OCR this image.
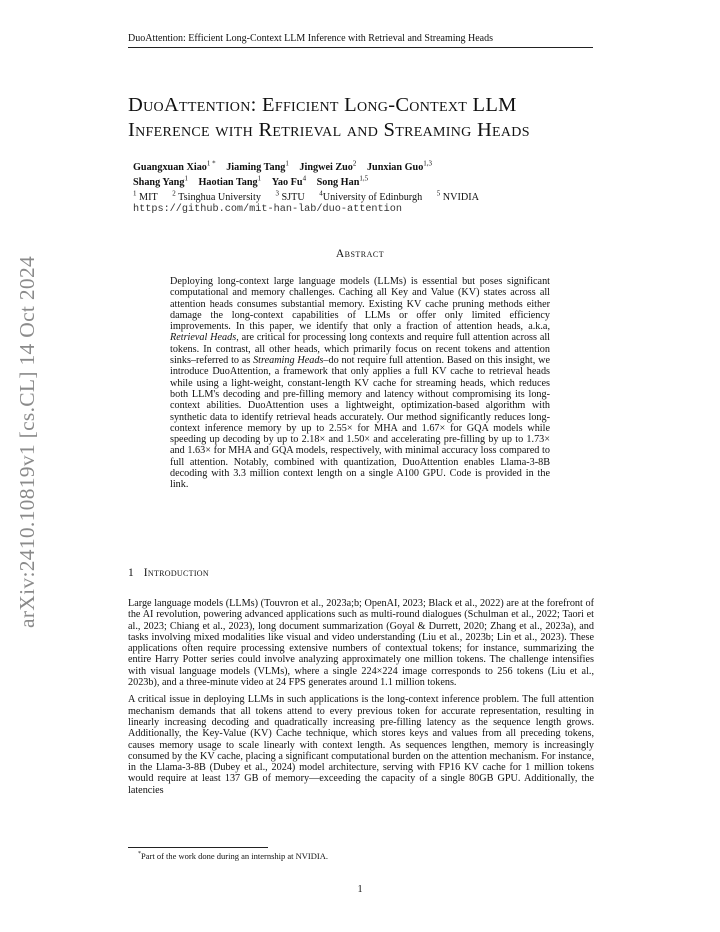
DuoAttention: Efficient Long-Context LLM Inference with Retrieval and Streaming Heads
arXiv:2410.10819v1 [cs.CL] 14 Oct 2024
DuoAttention: Efficient Long-Context LLM
Inference with Retrieval and Streaming Heads
Guangxuan Xiao$^{1 *}$ Jiaming Tang$^1$ Jingwei Zuo$^2$ Junxian Guo$^{1,3}$
Shang Yang$^1$ Haotian Tang$^1$ Yao Fu$^4$ Song Han$^{1,5}$
$^1$ MIT $^2$ Tsinghua University $^3$ SJTU $^4$University of Edinburgh $^5$ NVIDIA
https://github.com/mit-han-lab/duo-attention
Abstract
Deploying long-context large language models (LLMs) is essential but poses significant computational and memory challenges. Caching all Key and Value (KV) states across all attention heads consumes substantial memory. Existing KV cache pruning methods either damage the long-context capabilities of LLMs or offer only limited efficiency improvements. In this paper, we identify that only a fraction of attention heads, a.k.a, Retrieval Heads, are critical for processing long contexts and require full attention across all tokens. In contrast, all other heads, which primarily focus on recent tokens and attention sinks–referred to as Streaming Heads–do not require full attention. Based on this insight, we introduce DuoAttention, a framework that only applies a full KV cache to retrieval heads while using a light-weight, constant-length KV cache for streaming heads, which reduces both LLM's decoding and pre-filling memory and latency without compromising its long-context abilities. DuoAttention uses a lightweight, optimization-based algorithm with synthetic data to identify retrieval heads accurately. Our method significantly reduces long-context inference memory by up to 2.55× for MHA and 1.67× for GQA models while speeding up decoding by up to 2.18× and 1.50× and accelerating pre-filling by up to 1.73× and 1.63× for MHA and GQA models, respectively, with minimal accuracy loss compared to full attention. Notably, combined with quantization, DuoAttention enables Llama-3-8B decoding with 3.3 million context length on a single A100 GPU. Code is provided in the link.
1 Introduction

Large language models (LLMs) (Touvron et al., 2023a;b; OpenAI, 2023; Black et al., 2022) are at the forefront of the AI revolution, powering advanced applications such as multi-round dialogues (Schulman et al., 2022; Taori et al., 2023; Chiang et al., 2023), long document summarization (Goyal & Durrett, 2020; Zhang et al., 2023a), and tasks involving mixed modalities like visual and video understanding (Liu et al., 2023b; Lin et al., 2023). These applications often require processing extensive numbers of contextual tokens; for instance, summarizing the entire Harry Potter series could involve analyzing approximately one million tokens. The challenge intensifies with visual language models (VLMs), where a single 224×224 image corresponds to 256 tokens (Liu et al., 2023b), and a three-minute video at 24 FPS generates around 1.1 million tokens.

A critical issue in deploying LLMs in such applications is the long-context inference problem. The full attention mechanism demands that all tokens attend to every previous token for accurate representation, resulting in linearly increasing decoding and quadratically increasing pre-filling latency as the sequence length grows. Additionally, the Key-Value (KV) Cache technique, which stores keys and values from all preceding tokens, causes memory usage to scale linearly with context length. As sequences lengthen, memory is increasingly consumed by the KV cache, placing a significant computational burden on the attention mechanism. For instance, in the Llama-3-8B (Dubey et al., 2024) model architecture, serving with FP16 KV cache for 1 million tokens would require at least 137 GB of memory—exceeding the capacity of a single 80GB GPU. Additionally, the latencies

*Part of the work done during an internship at NVIDIA.
1
